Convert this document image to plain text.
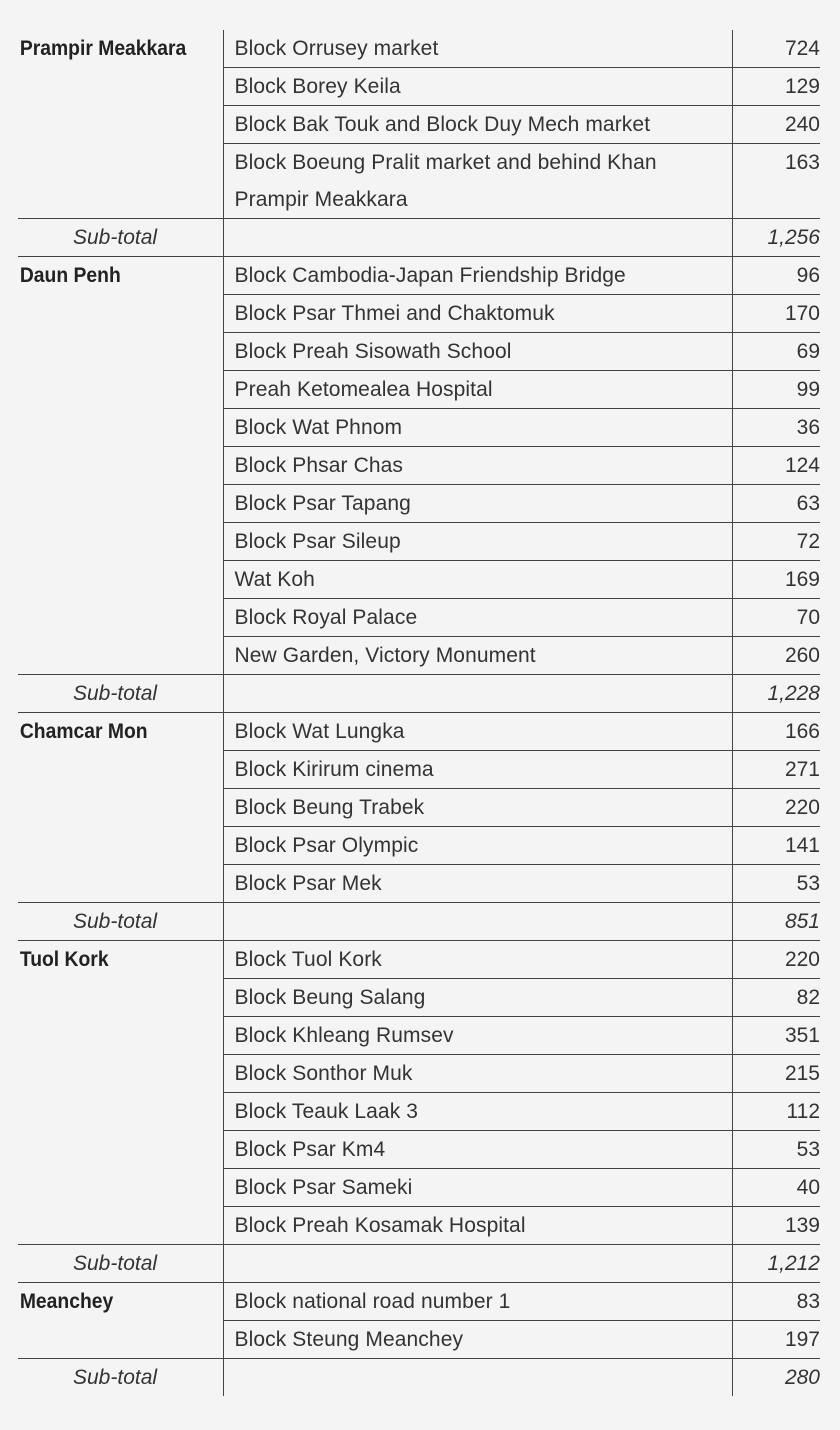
Prampir Meakkara	Block Orrusey market	724
	Block Borey Keila	129
	Block Bak Touk and Block Duy Mech market	240
	Block Boeung Pralit market and behind Khan Prampir Meakkara	163
Sub-total		1,256
Daun Penh	Block Cambodia-Japan Friendship Bridge	96
	Block Psar Thmei and Chaktomuk	170
	Block Preah Sisowath School	69
	Preah Ketomealea Hospital	99
	Block Wat Phnom	36
	Block Phsar Chas	124
	Block Psar Tapang	63
	Block Psar Sileup	72
	Wat Koh	169
	Block Royal Palace	70
	New Garden, Victory Monument	260
Sub-total		1,228
Chamcar Mon	Block Wat Lungka	166
	Block Kirirum cinema	271
	Block Beung Trabek	220
	Block Psar Olympic	141
	Block Psar Mek	53
Sub-total		851
Tuol Kork	Block Tuol Kork	220
	Block Beung Salang	82
	Block Khleang Rumsev	351
	Block Sonthor Muk	215
	Block Teauk Laak 3	112
	Block Psar Km4	53
	Block Psar Sameki	40
	Block Preah Kosamak Hospital	139
Sub-total		1,212
Meanchey	Block national road number 1	83
	Block Steung Meanchey	197
Sub-total		280
